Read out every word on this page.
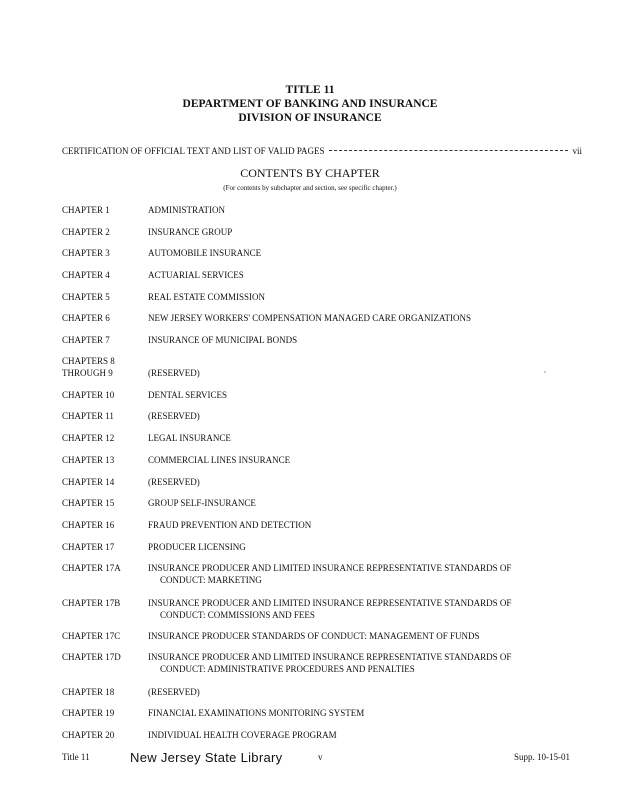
TITLE 11
DEPARTMENT OF BANKING AND INSURANCE
DIVISION OF INSURANCE
CERTIFICATION OF OFFICIAL TEXT AND LIST OF VALID PAGES	vii
CONTENTS BY CHAPTER
(For contents by subchapter and section, see specific chapter.)
CHAPTER 1	ADMINISTRATION
CHAPTER 2	INSURANCE GROUP
CHAPTER 3	AUTOMOBILE INSURANCE
CHAPTER 4	ACTUARIAL SERVICES
CHAPTER 5	REAL ESTATE COMMISSION
CHAPTER 6	NEW JERSEY WORKERS' COMPENSATION MANAGED CARE ORGANIZATIONS
CHAPTER 7	INSURANCE OF MUNICIPAL BONDS
CHAPTERS 8
THROUGH 9	(RESERVED)
CHAPTER 10	DENTAL SERVICES
CHAPTER 11	(RESERVED)
CHAPTER 12	LEGAL INSURANCE
CHAPTER 13	COMMERCIAL LINES INSURANCE
CHAPTER 14	(RESERVED)
CHAPTER 15	GROUP SELF-INSURANCE
CHAPTER 16	FRAUD PREVENTION AND DETECTION
CHAPTER 17	PRODUCER LICENSING
CHAPTER 17A	INSURANCE PRODUCER AND LIMITED INSURANCE REPRESENTATIVE STANDARDS OF
CONDUCT: MARKETING
CHAPTER 17B	INSURANCE PRODUCER AND LIMITED INSURANCE REPRESENTATIVE STANDARDS OF
CONDUCT: COMMISSIONS AND FEES
CHAPTER 17C	INSURANCE PRODUCER STANDARDS OF CONDUCT: MANAGEMENT OF FUNDS
CHAPTER 17D	INSURANCE PRODUCER AND LIMITED INSURANCE REPRESENTATIVE STANDARDS OF
CONDUCT: ADMINISTRATIVE PROCEDURES AND PENALTIES
CHAPTER 18	(RESERVED)
CHAPTER 19	FINANCIAL EXAMINATIONS MONITORING SYSTEM
CHAPTER 20	INDIVIDUAL HEALTH COVERAGE PROGRAM
Title 11	New Jersey State Library	v	Supp. 10-15-01
